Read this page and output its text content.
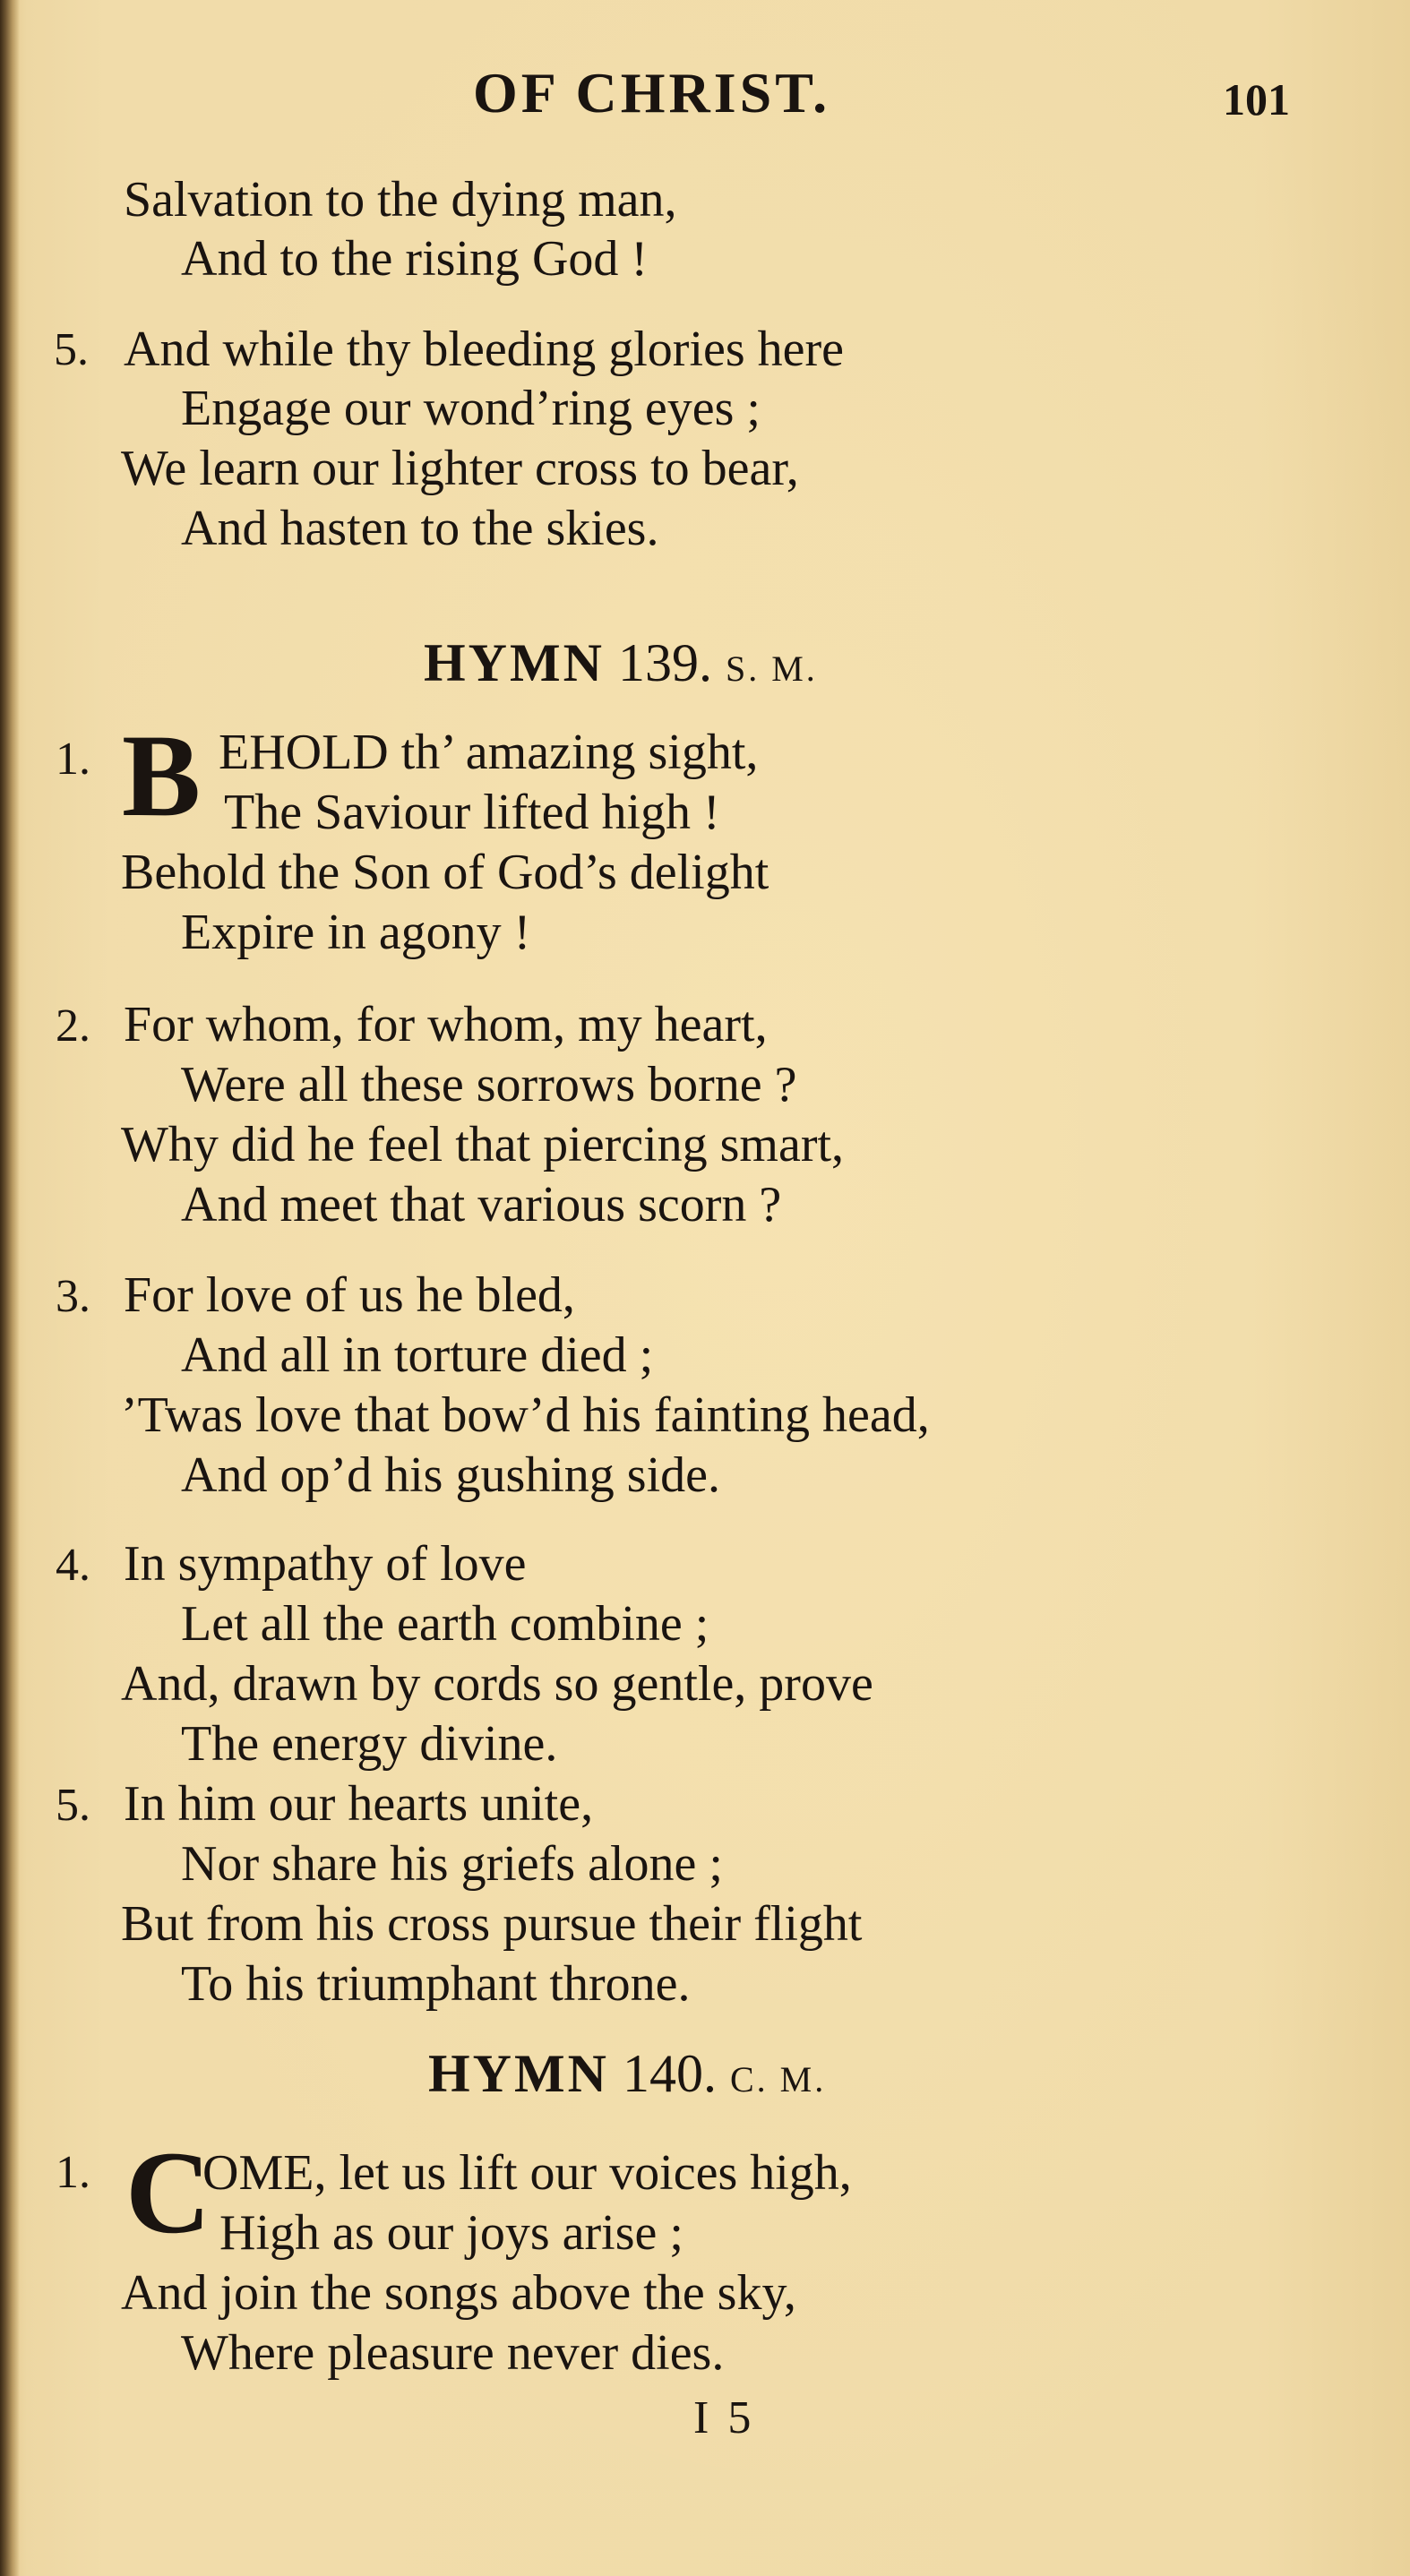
OF CHRIST.	101
Salvation to the dying man,
And to the rising God !
5. And while thy bleeding glories here
Engage our wond’ring eyes ;
We learn our lighter cross to bear,
And hasten to the skies.
HYMN 139. S. M.
1. B EHOLD th’ amazing sight,
The Saviour lifted high !
Behold the Son of God’s delight
Expire in agony !
2. For whom, for whom, my heart,
Were all these sorrows borne ?
Why did he feel that piercing smart,
And meet that various scorn ?
3. For love of us he bled,
And all in torture died ;
’Twas love that bow’d his fainting head,
And op’d his gushing side.
4. In sympathy of love
Let all the earth combine ;
And, drawn by cords so gentle, prove
The energy divine.
5. In him our hearts unite,
Nor share his griefs alone ;
But from his cross pursue their flight
To his triumphant throne.
HYMN 140. C. M.
1. C
OME, let us lift our voices high,
High as our joys arise ;
And join the songs above the sky,
Where pleasure never dies.
I 5
